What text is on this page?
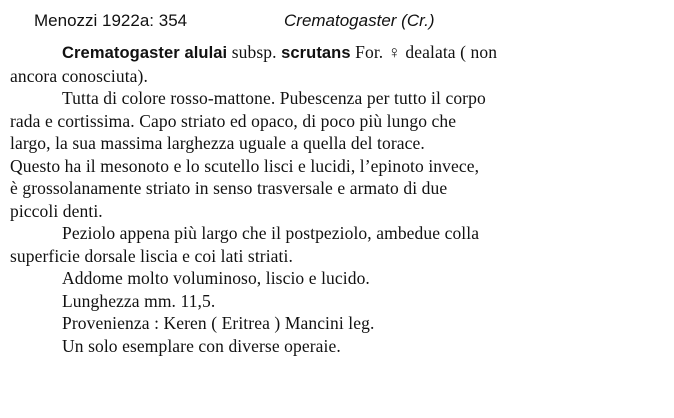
Menozzi 1922a: 354	Crematogaster (Cr.)
Crematogaster alulai subsp. scrutans For. ♀ dealata ( non
ancora conosciuta).

Tutta di colore rosso-mattone. Pubescenza per tutto il corpo
rada e cortissima. Capo striato ed opaco, di poco più lungo che
largo, la sua massima larghezza uguale a quella del torace.
Questo ha il mesonoto e lo scutello lisci e lucidi, l’epinoto invece,
è grossolanamente striato in senso trasversale e armato di due
piccoli denti.

Peziolo appena più largo che il postpeziolo, ambedue colla
superficie dorsale liscia e coi lati striati.

Addome molto voluminoso, liscio e lucido.
Lunghezza mm. 11,5.
Provenienza : Keren ( Eritrea ) Mancini leg.
Un solo esemplare con diverse operaie.
